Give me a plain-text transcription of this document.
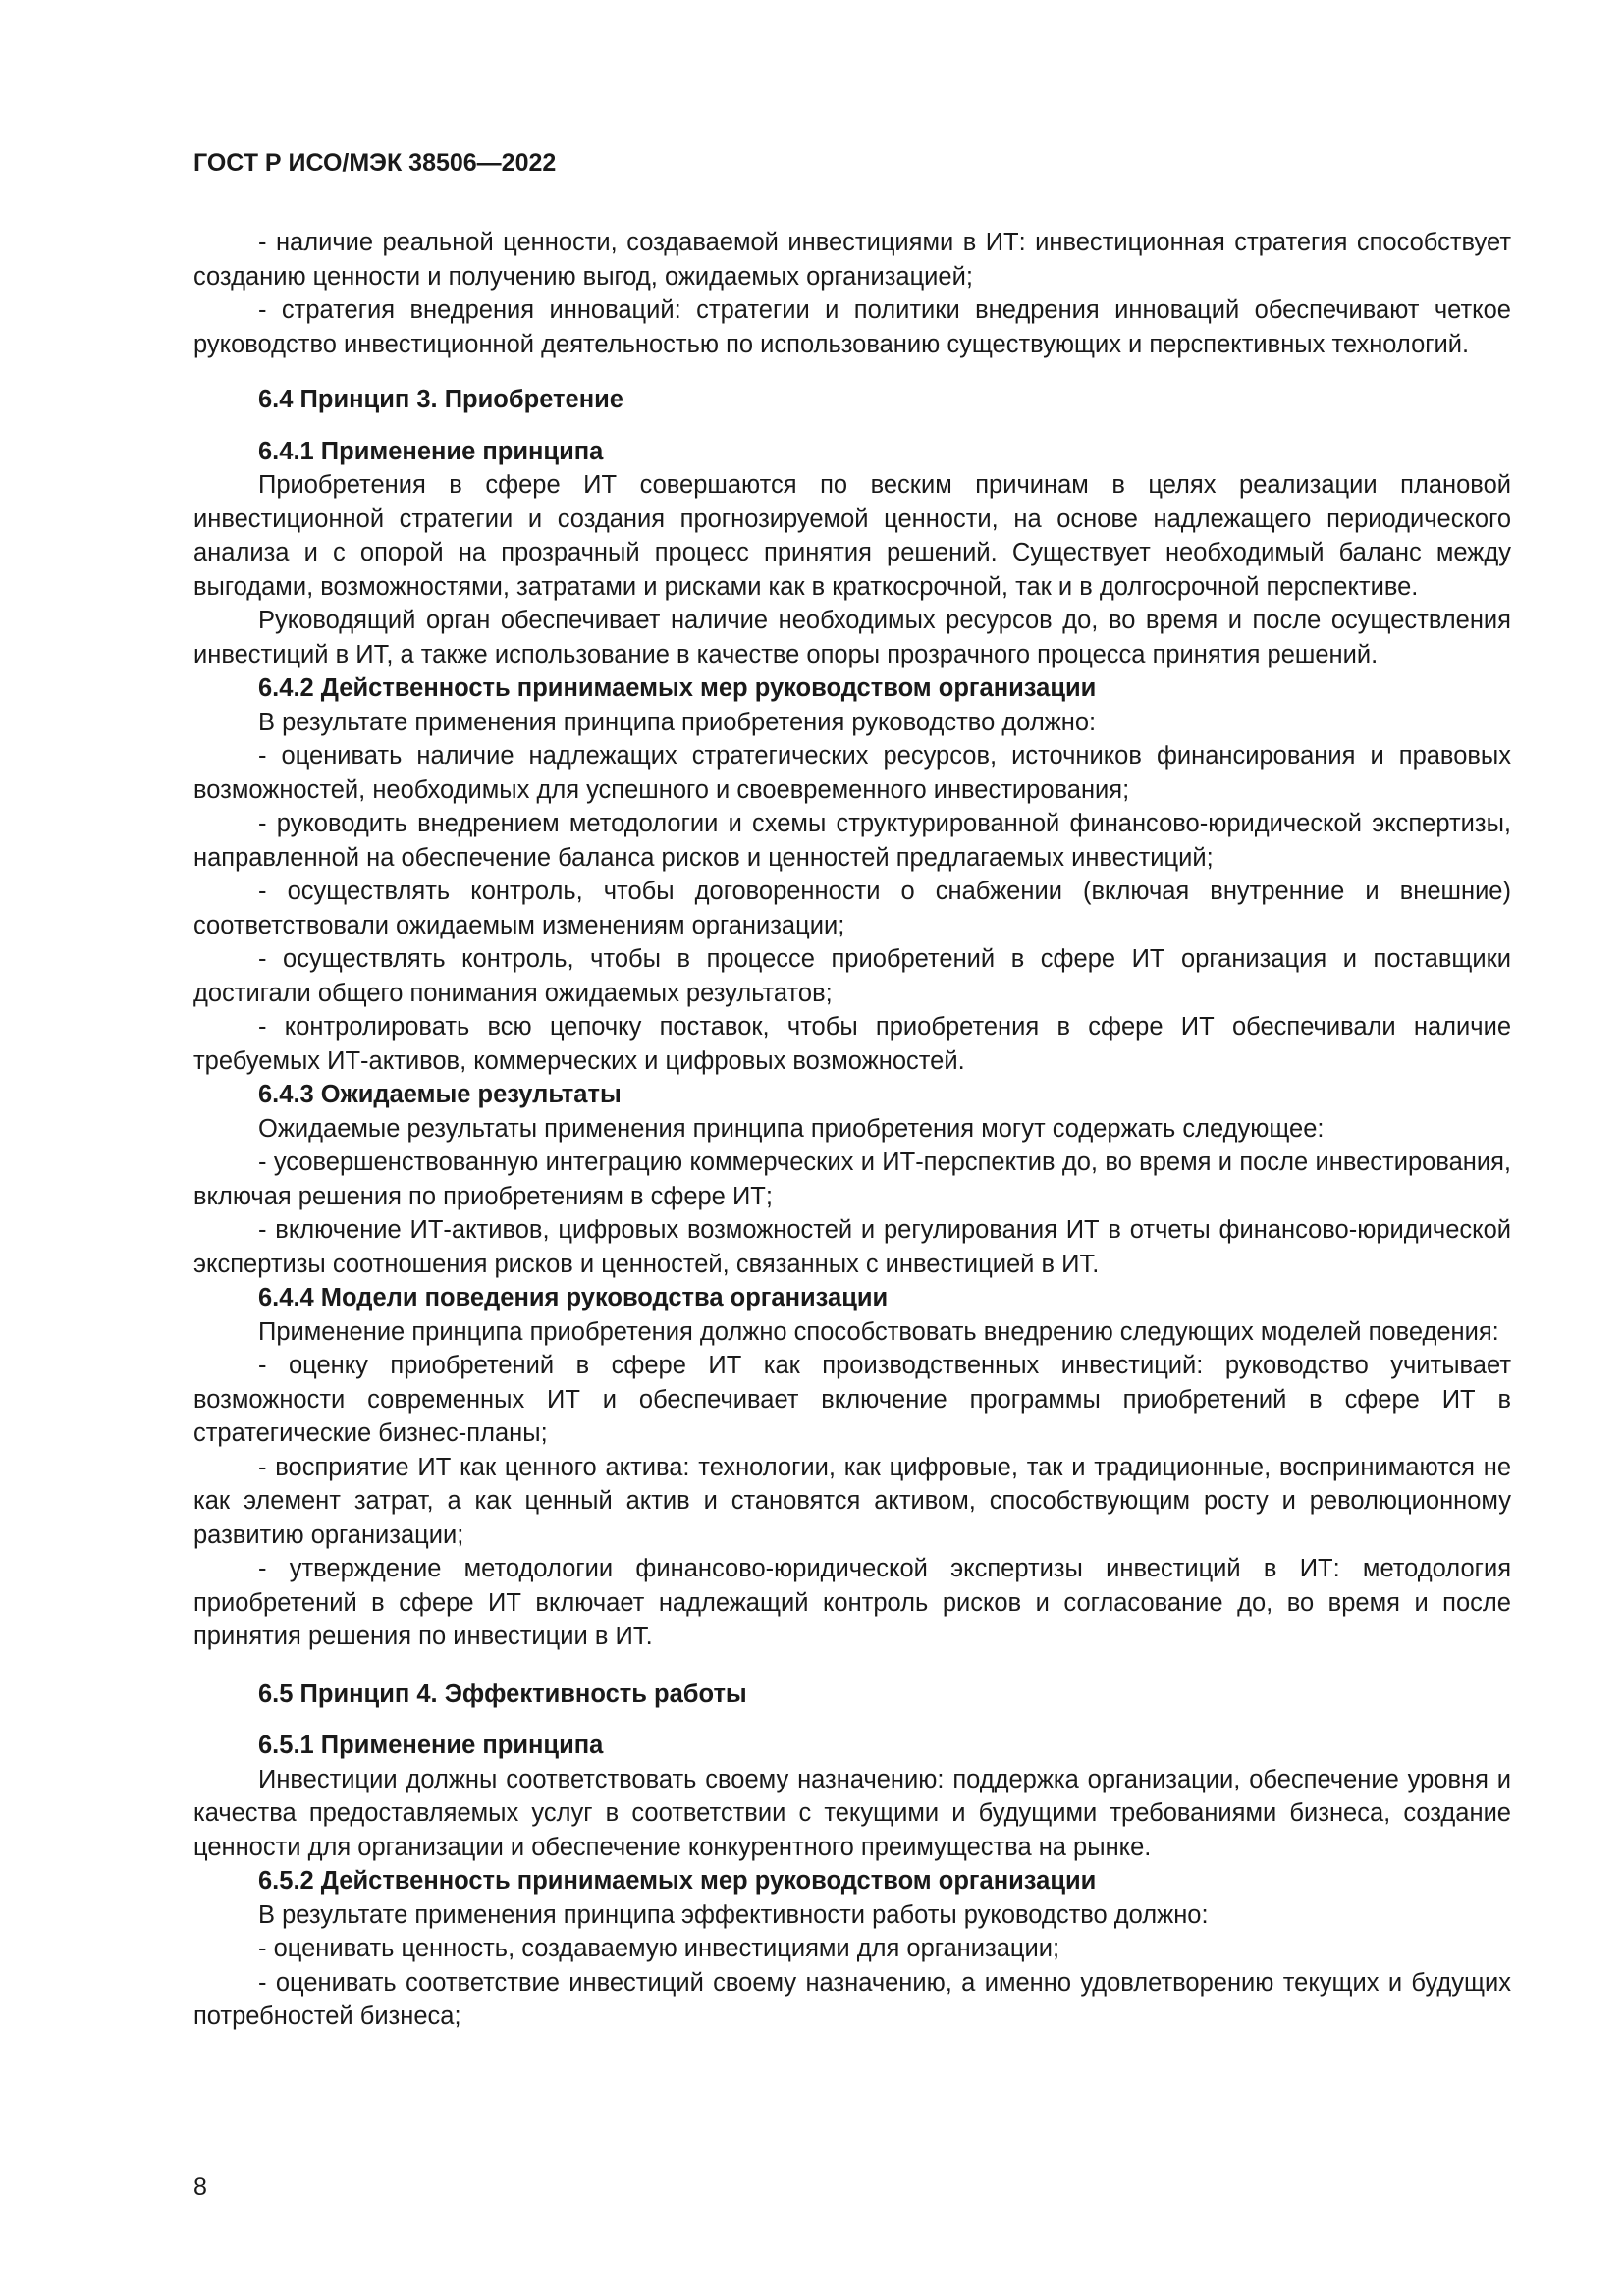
ГОСТ Р ИСО/МЭК 38506—2022

- наличие реальной ценности, создаваемой инвестициями в ИТ: инвестиционная стратегия способствует созданию ценности и получению выгод, ожидаемых организацией;

- стратегия внедрения инноваций: стратегии и политики внедрения инноваций обеспечивают четкое руководство инвестиционной деятельностью по использованию существующих и перспективных технологий.

6.4 Принцип 3. Приобретение
6.4.1 Применение принципа

Приобретения в сфере ИТ совершаются по веским причинам в целях реализации плановой инвестиционной стратегии и создания прогнозируемой ценности, на основе надлежащего периодического анализа и с опорой на прозрачный процесс принятия решений. Существует необходимый баланс между выгодами, возможностями, затратами и рисками как в краткосрочной, так и в долгосрочной перспективе.

Руководящий орган обеспечивает наличие необходимых ресурсов до, во время и после осуществления инвестиций в ИТ, а также использование в качестве опоры прозрачного процесса принятия решений.

6.4.2 Действенность принимаемых мер руководством организации

В результате применения принципа приобретения руководство должно:

- оценивать наличие надлежащих стратегических ресурсов, источников финансирования и правовых возможностей, необходимых для успешного и своевременного инвестирования;

- руководить внедрением методологии и схемы структурированной финансово-юридической экспертизы, направленной на обеспечение баланса рисков и ценностей предлагаемых инвестиций;

- осуществлять контроль, чтобы договоренности о снабжении (включая внутренние и внешние) соответствовали ожидаемым изменениям организации;

- осуществлять контроль, чтобы в процессе приобретений в сфере ИТ организация и поставщики достигали общего понимания ожидаемых результатов;

- контролировать всю цепочку поставок, чтобы приобретения в сфере ИТ обеспечивали наличие требуемых ИТ-активов, коммерческих и цифровых возможностей.

6.4.3 Ожидаемые результаты

Ожидаемые результаты применения принципа приобретения могут содержать следующее:

- усовершенствованную интеграцию коммерческих и ИТ-перспектив до, во время и после инвестирования, включая решения по приобретениям в сфере ИТ;

- включение ИТ-активов, цифровых возможностей и регулирования ИТ в отчеты финансово-юридической экспертизы соотношения рисков и ценностей, связанных с инвестицией в ИТ.

6.4.4 Модели поведения руководства организации

Применение принципа приобретения должно способствовать внедрению следующих моделей поведения:

- оценку приобретений в сфере ИТ как производственных инвестиций: руководство учитывает возможности современных ИТ и обеспечивает включение программы приобретений в сфере ИТ в стратегические бизнес-планы;

- восприятие ИТ как ценного актива: технологии, как цифровые, так и традиционные, воспринимаются не как элемент затрат, а как ценный актив и становятся активом, способствующим росту и революционному развитию организации;

- утверждение методологии финансово-юридической экспертизы инвестиций в ИТ: методология приобретений в сфере ИТ включает надлежащий контроль рисков и согласование до, во время и после принятия решения по инвестиции в ИТ.

6.5 Принцип 4. Эффективность работы
6.5.1 Применение принципа

Инвестиции должны соответствовать своему назначению: поддержка организации, обеспечение уровня и качества предоставляемых услуг в соответствии с текущими и будущими требованиями бизнеса, создание ценности для организации и обеспечение конкурентного преимущества на рынке.

6.5.2 Действенность принимаемых мер руководством организации

В результате применения принципа эффективности работы руководство должно:

- оценивать ценность, создаваемую инвестициями для организации;

- оценивать соответствие инвестиций своему назначению, а именно удовлетворению текущих и будущих потребностей бизнеса;

8
